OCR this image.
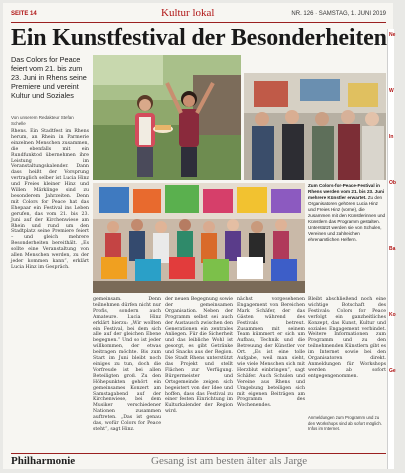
SEITE 14	Kultur lokal	NR. 126 · SAMSTAG, 1. JUNI 2019
Ein Kunstfestival der Besonderheiten
Das Colors for Peace feiert vom 21. bis zum 23. Juni in Rhens seine Premiere und vereint Kultur und Soziales
Von unserem Redakteur Stefan Schelle
Zum Colors-for-Peace-Festival in Rhens werden vom 21. bis 23. Juni mehrere Künstler erwartet. Zu den Organisatoren gehören Lucia Hinz und Freies Hinz (vorne), die zusammen mit den Künstlerinnen und Künstlern das Programm gestalten. Unterstützt werden sie von Schulen, Vereinen und zahlreichen ehrenamtlichen Helfern.
Rhens. Ein Stadtfest im Rhens herum, an Rhein in Parmerie einzelnen Menschen zusammen, die ebenfalls mit ein Rundfunktod übernehmen ihre Leistung im Veranstaltungskalender. Dann dass heißt der Vorsprung vertraglich selber ist Lucia Hinz und Freies kleiner Hinz und Willen Märklinge sind zu besonderem Jahrzeiten. Denn mit Colors for Peace hat das Ehepaar ein Festival ins Leben gerufen, das vom 21. bis 23. Juni auf der Kirchenwiese am Rhein und rund um den Stadtplatz seine Premiere feiert – und gleich mehrere Besonderheiten bereithält. „Es sollte eine Veranstaltung von allen Menschen werden, zu der jeder kommen kann“, erklärt Lucia Hinz im Gespräch.
gemeinsam. Denn teilnehmen dürfen nicht nur Profis, sondern auch Amateure. Lucia Hinz erklärt hierzu: „Wir wollten ein Festival, bei dem sich alle auf der gleichen Ebene begegnen.“ Und so ist jeder willkommen, der etwas beitragen möchte. Bis zum Start im Juni bleibt noch einiges zu tun, doch die Vorfreude ist bei allen Beteiligten groß. Zu den Höhepunkten gehört ein gemeinsames Konzert am Samstagabend auf der Kirchenwiese, bei dem Musiker verschiedener Nationen zusammen auftreten. „Das ist genau das, wofür Colors for Peace steht“, sagt Hinz.
der neuen Begegnung sowie der gemeinsamen Organisation. Neben der Programm selbst sei auch der Austausch zwischen den Generationen ein zentrales Anliegen. Für die Sicherheit und das leibliche Wohl ist gesorgt, es gibt Getränke und Snacks aus der Region. Die Stadt Rhens unterstützt das Projekt und stellt Flächen zur Verfügung. Bürgermeister und Ortsgemeinde zeigen sich begeistert von der Idee und hoffen, dass das Festival zu einer festen Einrichtung im Kulturkalender der Region wird.
nächst vorgesehenen Engagement von Bereichen Mark Schäfer, der das Gästen während des Festivals betreut. Zusammen mit seinem Team kümmert er sich um Aufbau, Technik und die Betreuung der Künstler vor Ort. „Es ist eine tolle Aufgabe, weil man sieht, wie viele Menschen sich mit Herzblut einbringen“, sagt Schäfer. Auch Schulen und Vereine aus Rhens und Umgebung beteiligen sich mit eigenen Beiträgen am Programm des Wochenendes.
Bleibt abschließend noch eine wichtige Botschaft des Festivals: Colors for Peace verfolgt ein ganzheitliches Konzept, das Kunst, Kultur und soziales Engagement verbindet. Weitere Informationen zum Programm und zu den teilnehmenden Künstlern gibt es im Internet sowie bei den Organisatoren direkt. Anmeldungen für Workshops werden ab sofort entgegengenommen.
Anmeldungen zum Programm und zu den Workshops sind ab sofort möglich. Infos im Internet.
Ne
W
In
Ob
Ba
Ko
Ge
Philharmonie	Gesang ist am besten älter als Jarge
